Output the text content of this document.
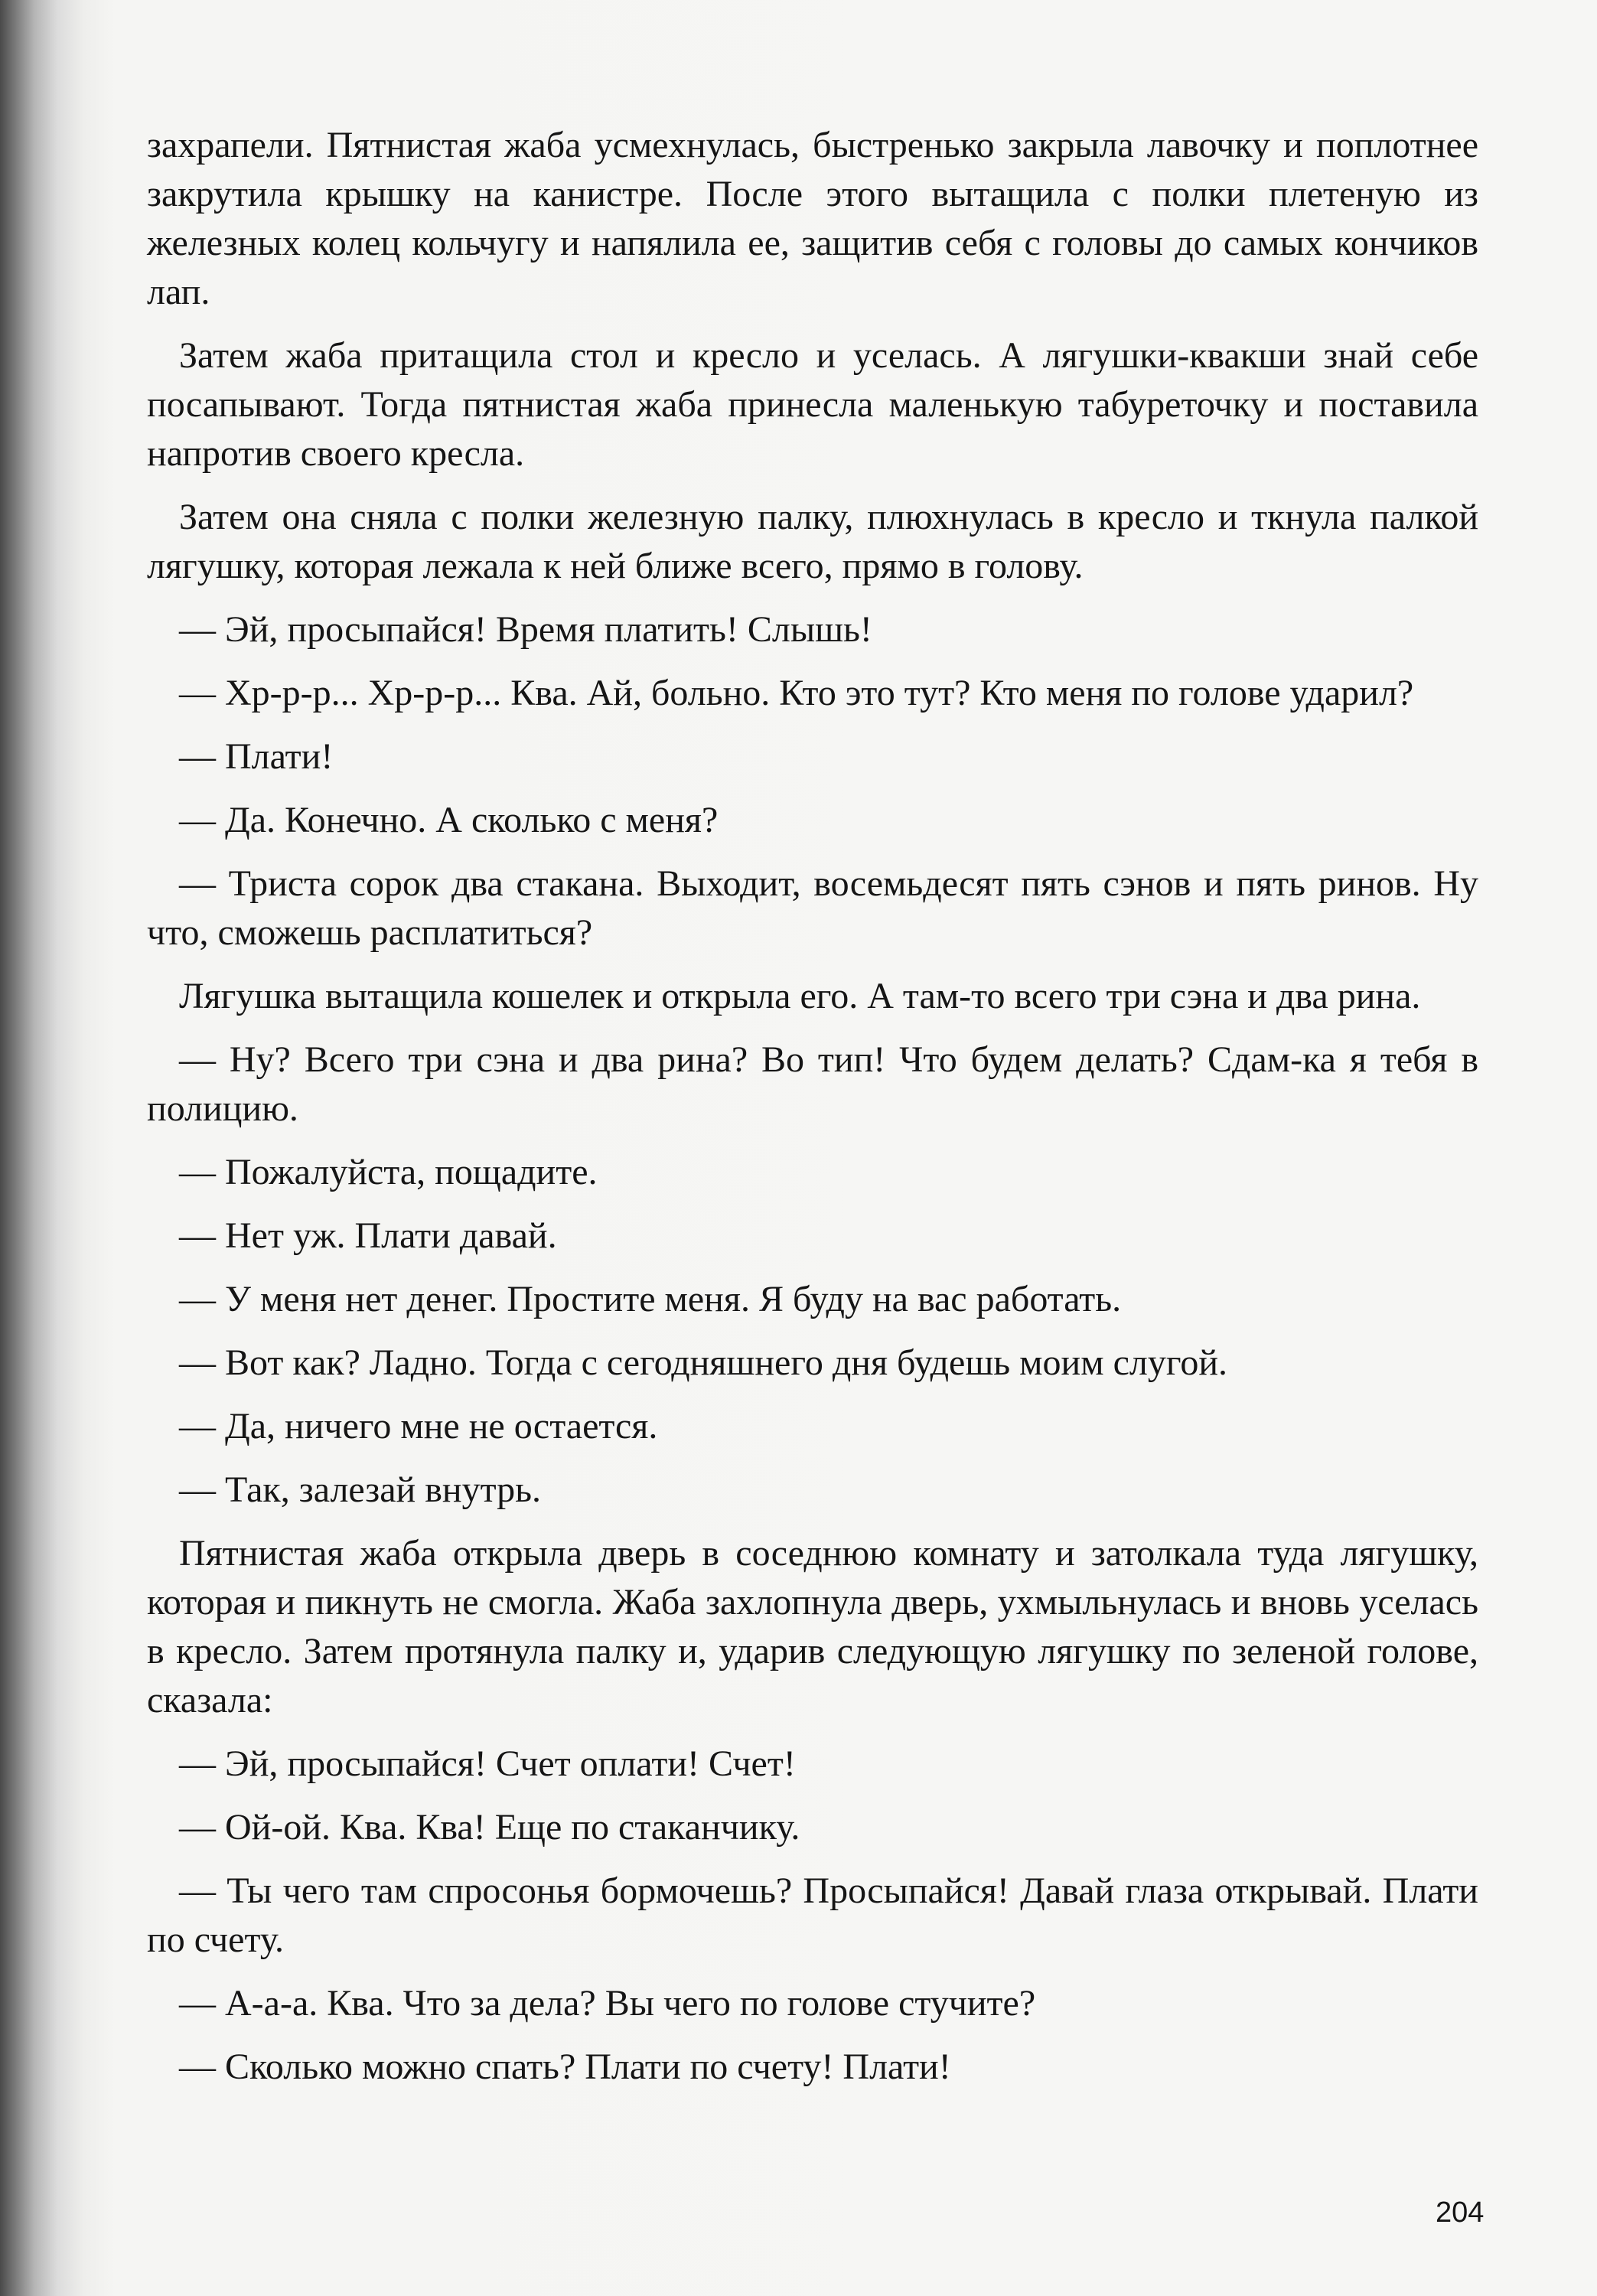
захрапели. Пятнистая жаба усмехнулась, быстренько закрыла лавочку и поплотнее закрутила крышку на канистре. После этого вытащила с полки плетеную из железных колец кольчугу и напялила ее, защитив себя с головы до самых кончиков лап.

Затем жаба притащила стол и кресло и уселась. А лягушки-квакши знай себе посапывают. Тогда пятнистая жаба принесла маленькую табуреточку и поставила напротив своего кресла.

Затем она сняла с полки железную палку, плюхнулась в кресло и ткнула палкой лягушку, которая лежала к ней ближе всего, прямо в голову.

— Эй, просыпайся! Время платить! Слышь!

— Хр-р-р... Хр-р-р... Ква. Ай, больно. Кто это тут? Кто меня по голове ударил?

— Плати!

— Да. Конечно. А сколько с меня?

— Триста сорок два стакана. Выходит, восемьдесят пять сэнов и пять ринов. Ну что, сможешь расплатиться?

Лягушка вытащила кошелек и открыла его. А там-то всего три сэна и два рина.

— Ну? Всего три сэна и два рина? Во тип! Что будем делать? Сдам-ка я тебя в полицию.

— Пожалуйста, пощадите.

— Нет уж. Плати давай.

— У меня нет денег. Простите меня. Я буду на вас работать.

— Вот как? Ладно. Тогда с сегодняшнего дня будешь моим слугой.

— Да, ничего мне не остается.

— Так, залезай внутрь.

Пятнистая жаба открыла дверь в соседнюю комнату и затолкала туда лягушку, которая и пикнуть не смогла. Жаба захлопнула дверь, ухмыльнулась и вновь уселась в кресло. Затем протянула палку и, ударив следующую лягушку по зеленой голове, сказала:

— Эй, просыпайся! Счет оплати! Счет!

— Ой-ой. Ква. Ква! Еще по стаканчику.

— Ты чего там спросонья бормочешь? Просыпайся! Давай глаза открывай. Плати по счету.

— А-а-а. Ква. Что за дела? Вы чего по голове стучите?

— Сколько можно спать? Плати по счету! Плати!

204
